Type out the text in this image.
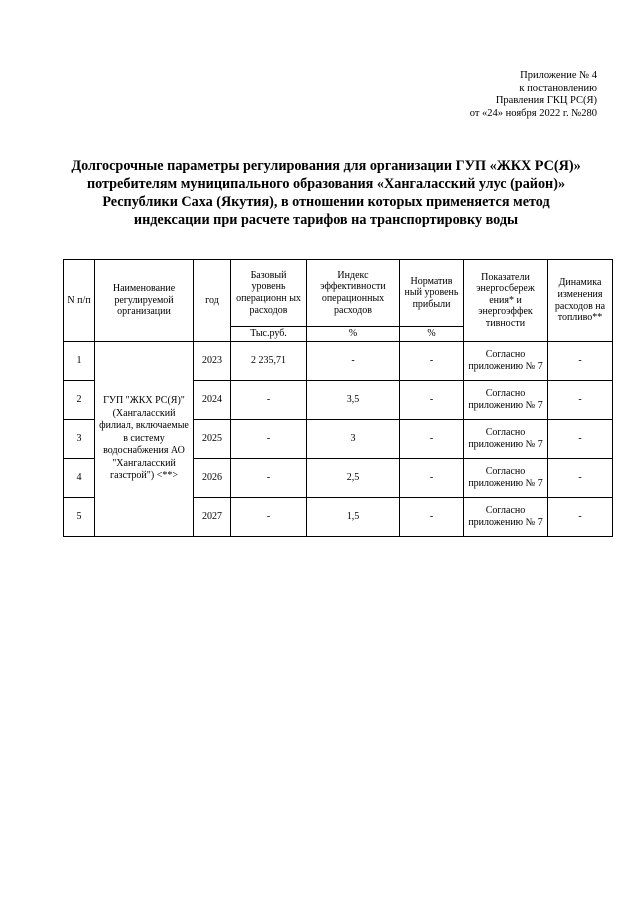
Приложение № 4
к постановлению
Правления ГКЦ РС(Я)
от «24» ноября 2022 г. №280
Долгосрочные параметры регулирования для организации ГУП «ЖКХ РС(Я)» потребителям муниципального образования «Хангаласский улус (район)» Республики Саха (Якутия), в отношении которых применяется метод индексации при расчете тарифов на транспортировку воды
N п/п	Наименование регулируемой организации	год	Базовый уровень операционн ых расходов	Индекс эффективности операционных расходов	Норматив ный уровень прибыли	Показатели энергосбереж ения* и энергоэффек тивности	Динамика изменения расходов на топливо**
			Тыс.руб.	%	%		
1	ГУП "ЖКХ РС(Я)" (Хангаласский филиал, включаемые в систему водоснабжения АО "Хангаласский газстрой") <**>	2023	2 235,71	-	-	Согласно приложению № 7	-
2		2024	-	3,5	-	Согласно приложению № 7	-
3		2025	-	3	-	Согласно приложению № 7	-
4		2026	-	2,5	-	Согласно приложению № 7	-
5		2027	-	1,5	-	Согласно приложению № 7	-
